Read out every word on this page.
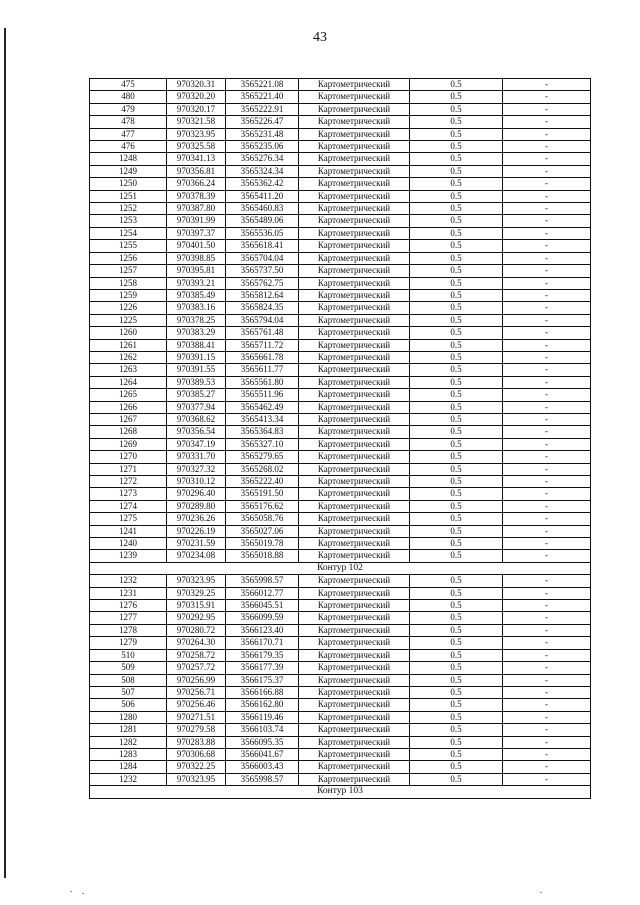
43
475	970320.31	3565221.08	Картометрический	0.5	-
480	970320.20	3565221.40	Картометрический	0.5	-
479	970320.17	3565222.91	Картометрический	0.5	-
478	970321.58	3565226.47	Картометрический	0.5	-
477	970323.95	3565231.48	Картометрический	0.5	-
476	970325.58	3565235.06	Картометрический	0.5	-
1248	970341.13	3565276.34	Картометрический	0.5	-
1249	970356.81	3565324.34	Картометрический	0.5	-
1250	970366.24	3565362.42	Картометрический	0.5	-
1251	970378.39	3565411.20	Картометрический	0.5	-
1252	970387.80	3565460.83	Картометрический	0.5	-
1253	970391.99	3565489.06	Картометрический	0.5	-
1254	970397.37	3565536.05	Картометрический	0.5	-
1255	970401.50	3565618.41	Картометрический	0.5	-
1256	970398.85	3565704.04	Картометрический	0.5	-
1257	970395.81	3565737.50	Картометрический	0.5	-
1258	970393.21	3565762.75	Картометрический	0.5	-
1259	970385.49	3565812.64	Картометрический	0.5	-
1226	970383.16	3565824.35	Картометрический	0.5	-
1225	970378.25	3565794.04	Картометрический	0.5	-
1260	970383.29	3565761.48	Картометрический	0.5	-
1261	970388.41	3565711.72	Картометрический	0.5	-
1262	970391.15	3565661.78	Картометрический	0.5	-
1263	970391.55	3565611.77	Картометрический	0.5	-
1264	970389.53	3565561.80	Картометрический	0.5	-
1265	970385.27	3565511.96	Картометрический	0.5	-
1266	970377.94	3565462.49	Картометрический	0.5	-
1267	970368.62	3565413.34	Картометрический	0.5	-
1268	970356.54	3565364.83	Картометрический	0.5	-
1269	970347.19	3565327.10	Картометрический	0.5	-
1270	970331.70	3565279.65	Картометрический	0.5	-
1271	970327.32	3565268.02	Картометрический	0.5	-
1272	970310.12	3565222.40	Картометрический	0.5	-
1273	970296.40	3565191.50	Картометрический	0.5	-
1274	970289.80	3565176.62	Картометрический	0.5	-
1275	970236.26	3565058.76	Картометрический	0.5	-
1241	970226.19	3565027.06	Картометрический	0.5	-
1240	970231.59	3565019.78	Картометрический	0.5	-
1239	970234.08	3565018.88	Картометрический	0.5	-
Контур 102					
1232	970323.95	3565998.57	Картометрический	0.5	-
1231	970329.25	3566012.77	Картометрический	0.5	-
1276	970315.91	3566045.51	Картометрический	0.5	-
1277	970292.95	3566099.59	Картометрический	0.5	-
1278	970280.72	3566123.40	Картометрический	0.5	-
1279	970264.30	3566170.71	Картометрический	0.5	-
510	970258.72	3566179.35	Картометрический	0.5	-
509	970257.72	3566177.39	Картометрический	0.5	-
508	970256.99	3566175.37	Картометрический	0.5	-
507	970256.71	3566166.88	Картометрический	0.5	-
506	970256.46	3566162.80	Картометрический	0.5	-
1280	970271.51	3566119.46	Картометрический	0.5	-
1281	970279.58	3566103.74	Картометрический	0.5	-
1282	970283.88	3566095.35	Картометрический	0.5	-
1283	970306.68	3566041.67	Картометрический	0.5	-
1284	970322.25	3566003.43	Картометрический	0.5	-
1232	970323.95	3565998.57	Картометрический	0.5	-
Контур 103					
